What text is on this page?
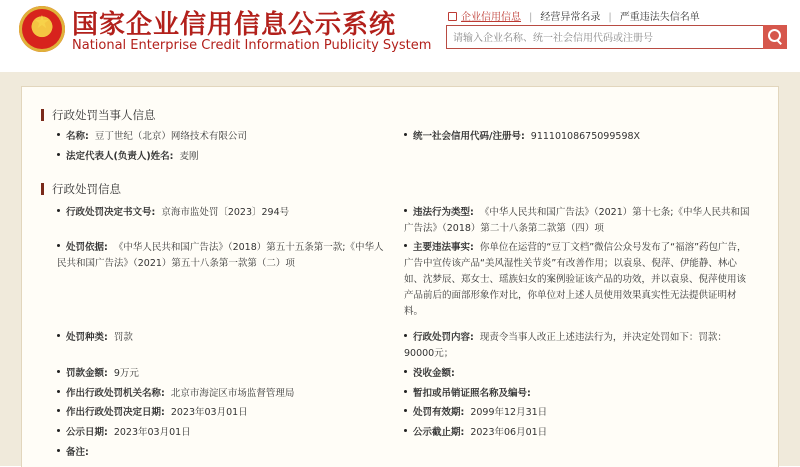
★ 国家企业信用信息公示系统
National Enterprise Credit Information Publicity System
企业信用信息 | 经营异常名录 | 严重违法失信名单
请输入企业名称、统一社会信用代码或注册号
行政处罚当事人信息
名称: 豆丁世纪（北京）网络技术有限公司	统一社会信用代码/注册号: 91110108675099598X
法定代表人(负责人)姓名: 麦刚
行政处罚信息
行政处罚决定书文号: 京海市监处罚〔2023〕294号	违法行为类型: 《中华人民共和国广告法》（2021）第十七条;《中华人民共和国广告法》（2018）第二十八条第二款第（四）项
处罚依据: 《中华人民共和国广告法》（2018）第五十五条第一款;《中华人民共和国广告法》（2021）第五十八条第一款第（二）项
主要违法事实: 你单位在运营的“豆丁文档”微信公众号发布了“福溶”药包广告，广告中宣传该产品“美风湿性关节炎”有改善作用；以袁泉、倪萍、伊能静、林心如、沈梦辰、郑女士、瑶族妇女的案例验证该产品的功效，并以袁泉、倪萍使用该产品前后的面部形象作对比，你单位对上述人员使用效果真实性无法提供证明材料。
处罚种类: 罚款	行政处罚内容: 现责令当事人改正上述违法行为，并决定处罚如下：罚款：90000元；
罚款金额: 9万元	没收金额:
作出行政处罚机关名称: 北京市海淀区市场监督管理局	暂扣或吊销证照名称及编号:
作出行政处罚决定日期: 2023年03月01日	处罚有效期: 2099年12月31日
公示日期: 2023年03月01日	公示截止期: 2023年06月01日
备注:
